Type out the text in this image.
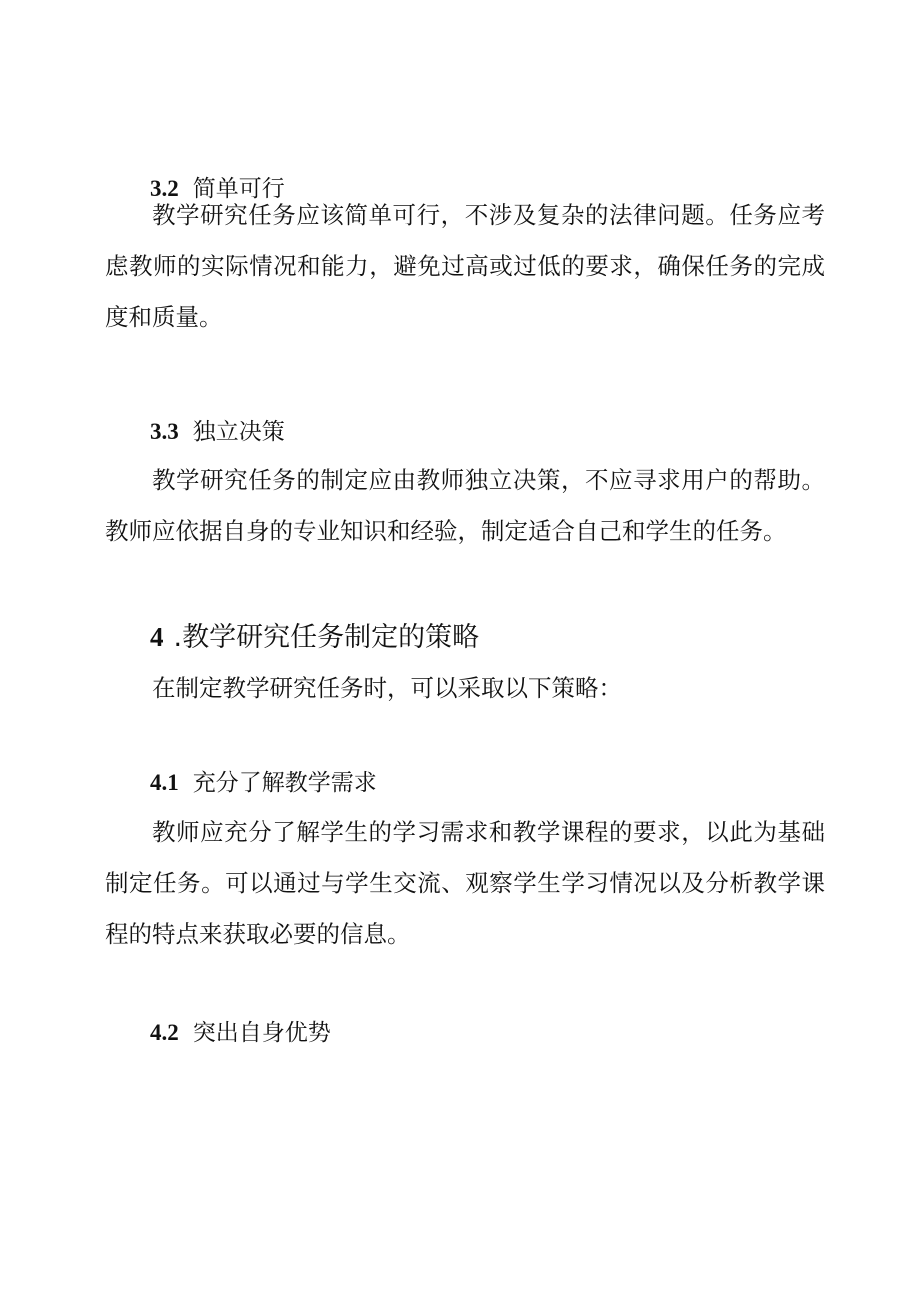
3.2 简单可行

教学研究任务应该简单可行，不涉及复杂的法律问题。任务应考虑教师的实际情况和能力，避免过高或过低的要求，确保任务的完成度和质量。

3.3 独立决策

教学研究任务的制定应由教师独立决策，不应寻求用户的帮助。教师应依据自身的专业知识和经验，制定适合自己和学生的任务。

4 .教学研究任务制定的策略

在制定教学研究任务时，可以采取以下策略：

4.1 充分了解教学需求

教师应充分了解学生的学习需求和教学课程的要求，以此为基础制定任务。可以通过与学生交流、观察学生学习情况以及分析教学课程的特点来获取必要的信息。

4.2 突出自身优势
